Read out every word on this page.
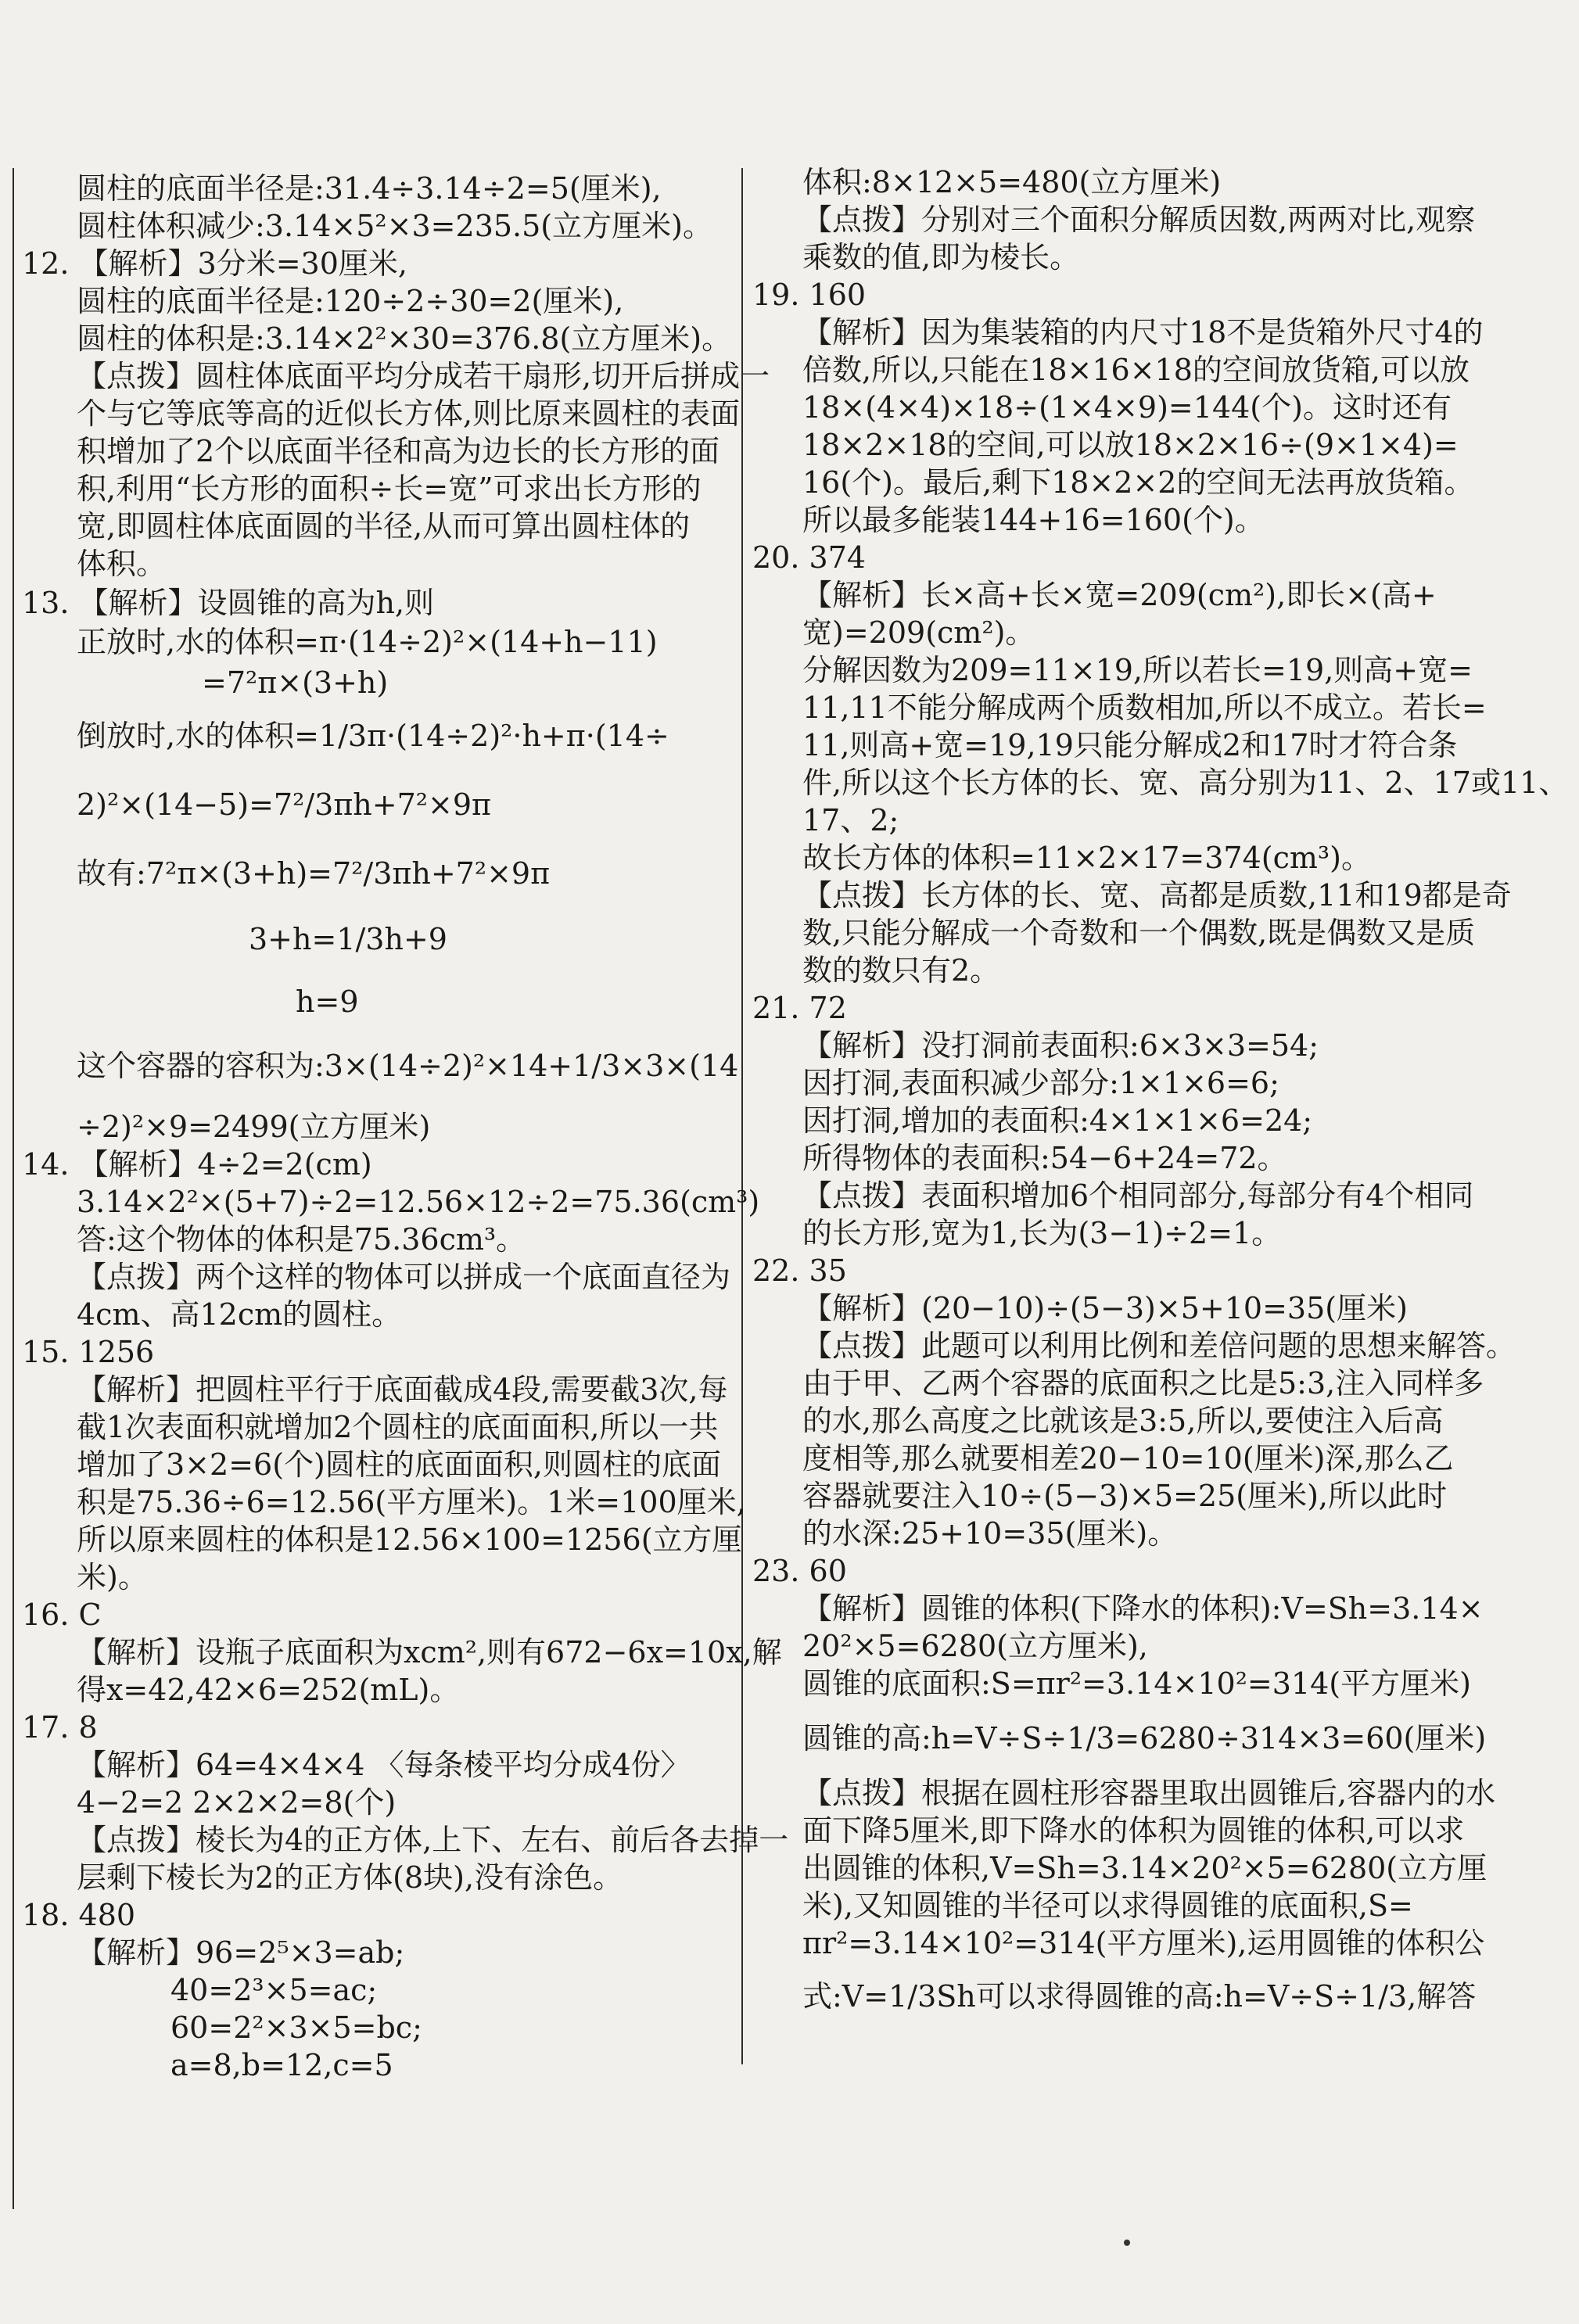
圆柱的底面半径是:31.4÷3.14÷2=5(厘米),
圆柱体积减少:3.14×5²×3=235.5(立方厘米)。
12. 【解析】3分米=30厘米,
圆柱的底面半径是:120÷2÷30=2(厘米),
圆柱的体积是:3.14×2²×30=376.8(立方厘米)。
【点拨】圆柱体底面平均分成若干扇形,切开后拼成一
个与它等底等高的近似长方体,则比原来圆柱的表面
积增加了2个以底面半径和高为边长的长方形的面
积,利用“长方形的面积÷长=宽”可求出长方形的
宽,即圆柱体底面圆的半径,从而可算出圆柱体的
体积。
13. 【解析】设圆锥的高为h,则
正放时,水的体积=π·(14÷2)²×(14+h−11)
=7²π×(3+h)
倒放时,水的体积=1/3π·(14÷2)²·h+π·(14÷
2)²×(14−5)=7²/3πh+7²×9π
故有:7²π×(3+h)=7²/3πh+7²×9π
3+h=1/3h+9
h=9
这个容器的容积为:3×(14÷2)²×14+1/3×3×(14
÷2)²×9=2499(立方厘米)
14. 【解析】4÷2=2(cm)
3.14×2²×(5+7)÷2=12.56×12÷2=75.36(cm³)
答:这个物体的体积是75.36cm³。
【点拨】两个这样的物体可以拼成一个底面直径为
4cm、高12cm的圆柱。
15. 1256
【解析】把圆柱平行于底面截成4段,需要截3次,每
截1次表面积就增加2个圆柱的底面面积,所以一共
增加了3×2=6(个)圆柱的底面面积,则圆柱的底面
积是75.36÷6=12.56(平方厘米)。1米=100厘米,
所以原来圆柱的体积是12.56×100=1256(立方厘
米)。
16. C
【解析】设瓶子底面积为xcm²,则有672−6x=10x,解
得x=42,42×6=252(mL)。
17. 8
【解析】64=4×4×4 〈每条棱平均分成4份〉
4−2=2 2×2×2=8(个)
【点拨】棱长为4的正方体,上下、左右、前后各去掉一
层剩下棱长为2的正方体(8块),没有涂色。
18. 480
【解析】96=2⁵×3=ab;
40=2³×5=ac;
60=2²×3×5=bc;
a=8,b=12,c=5
体积:8×12×5=480(立方厘米)
【点拨】分别对三个面积分解质因数,两两对比,观察
乘数的值,即为棱长。
19. 160
【解析】因为集装箱的内尺寸18不是货箱外尺寸4的
倍数,所以,只能在18×16×18的空间放货箱,可以放
18×(4×4)×18÷(1×4×9)=144(个)。这时还有
18×2×18的空间,可以放18×2×16÷(9×1×4)=
16(个)。最后,剩下18×2×2的空间无法再放货箱。
所以最多能装144+16=160(个)。
20. 374
【解析】长×高+长×宽=209(cm²),即长×(高+
宽)=209(cm²)。
分解因数为209=11×19,所以若长=19,则高+宽=
11,11不能分解成两个质数相加,所以不成立。若长=
11,则高+宽=19,19只能分解成2和17时才符合条
件,所以这个长方体的长、宽、高分别为11、2、17或11、
17、2;
故长方体的体积=11×2×17=374(cm³)。
【点拨】长方体的长、宽、高都是质数,11和19都是奇
数,只能分解成一个奇数和一个偶数,既是偶数又是质
数的数只有2。
21. 72
【解析】没打洞前表面积:6×3×3=54;
因打洞,表面积减少部分:1×1×6=6;
因打洞,增加的表面积:4×1×1×6=24;
所得物体的表面积:54−6+24=72。
【点拨】表面积增加6个相同部分,每部分有4个相同
的长方形,宽为1,长为(3−1)÷2=1。
22. 35
【解析】(20−10)÷(5−3)×5+10=35(厘米)
【点拨】此题可以利用比例和差倍问题的思想来解答。
由于甲、乙两个容器的底面积之比是5:3,注入同样多
的水,那么高度之比就该是3:5,所以,要使注入后高
度相等,那么就要相差20−10=10(厘米)深,那么乙
容器就要注入10÷(5−3)×5=25(厘米),所以此时
的水深:25+10=35(厘米)。
23. 60
【解析】圆锥的体积(下降水的体积):V=Sh=3.14×
20²×5=6280(立方厘米),
圆锥的底面积:S=πr²=3.14×10²=314(平方厘米)
圆锥的高:h=V÷S÷1/3=6280÷314×3=60(厘米)
【点拨】根据在圆柱形容器里取出圆锥后,容器内的水
面下降5厘米,即下降水的体积为圆锥的体积,可以求
出圆锥的体积,V=Sh=3.14×20²×5=6280(立方厘
米),又知圆锥的半径可以求得圆锥的底面积,S=
πr²=3.14×10²=314(平方厘米),运用圆锥的体积公
式:V=1/3Sh可以求得圆锥的高:h=V÷S÷1/3,解答
